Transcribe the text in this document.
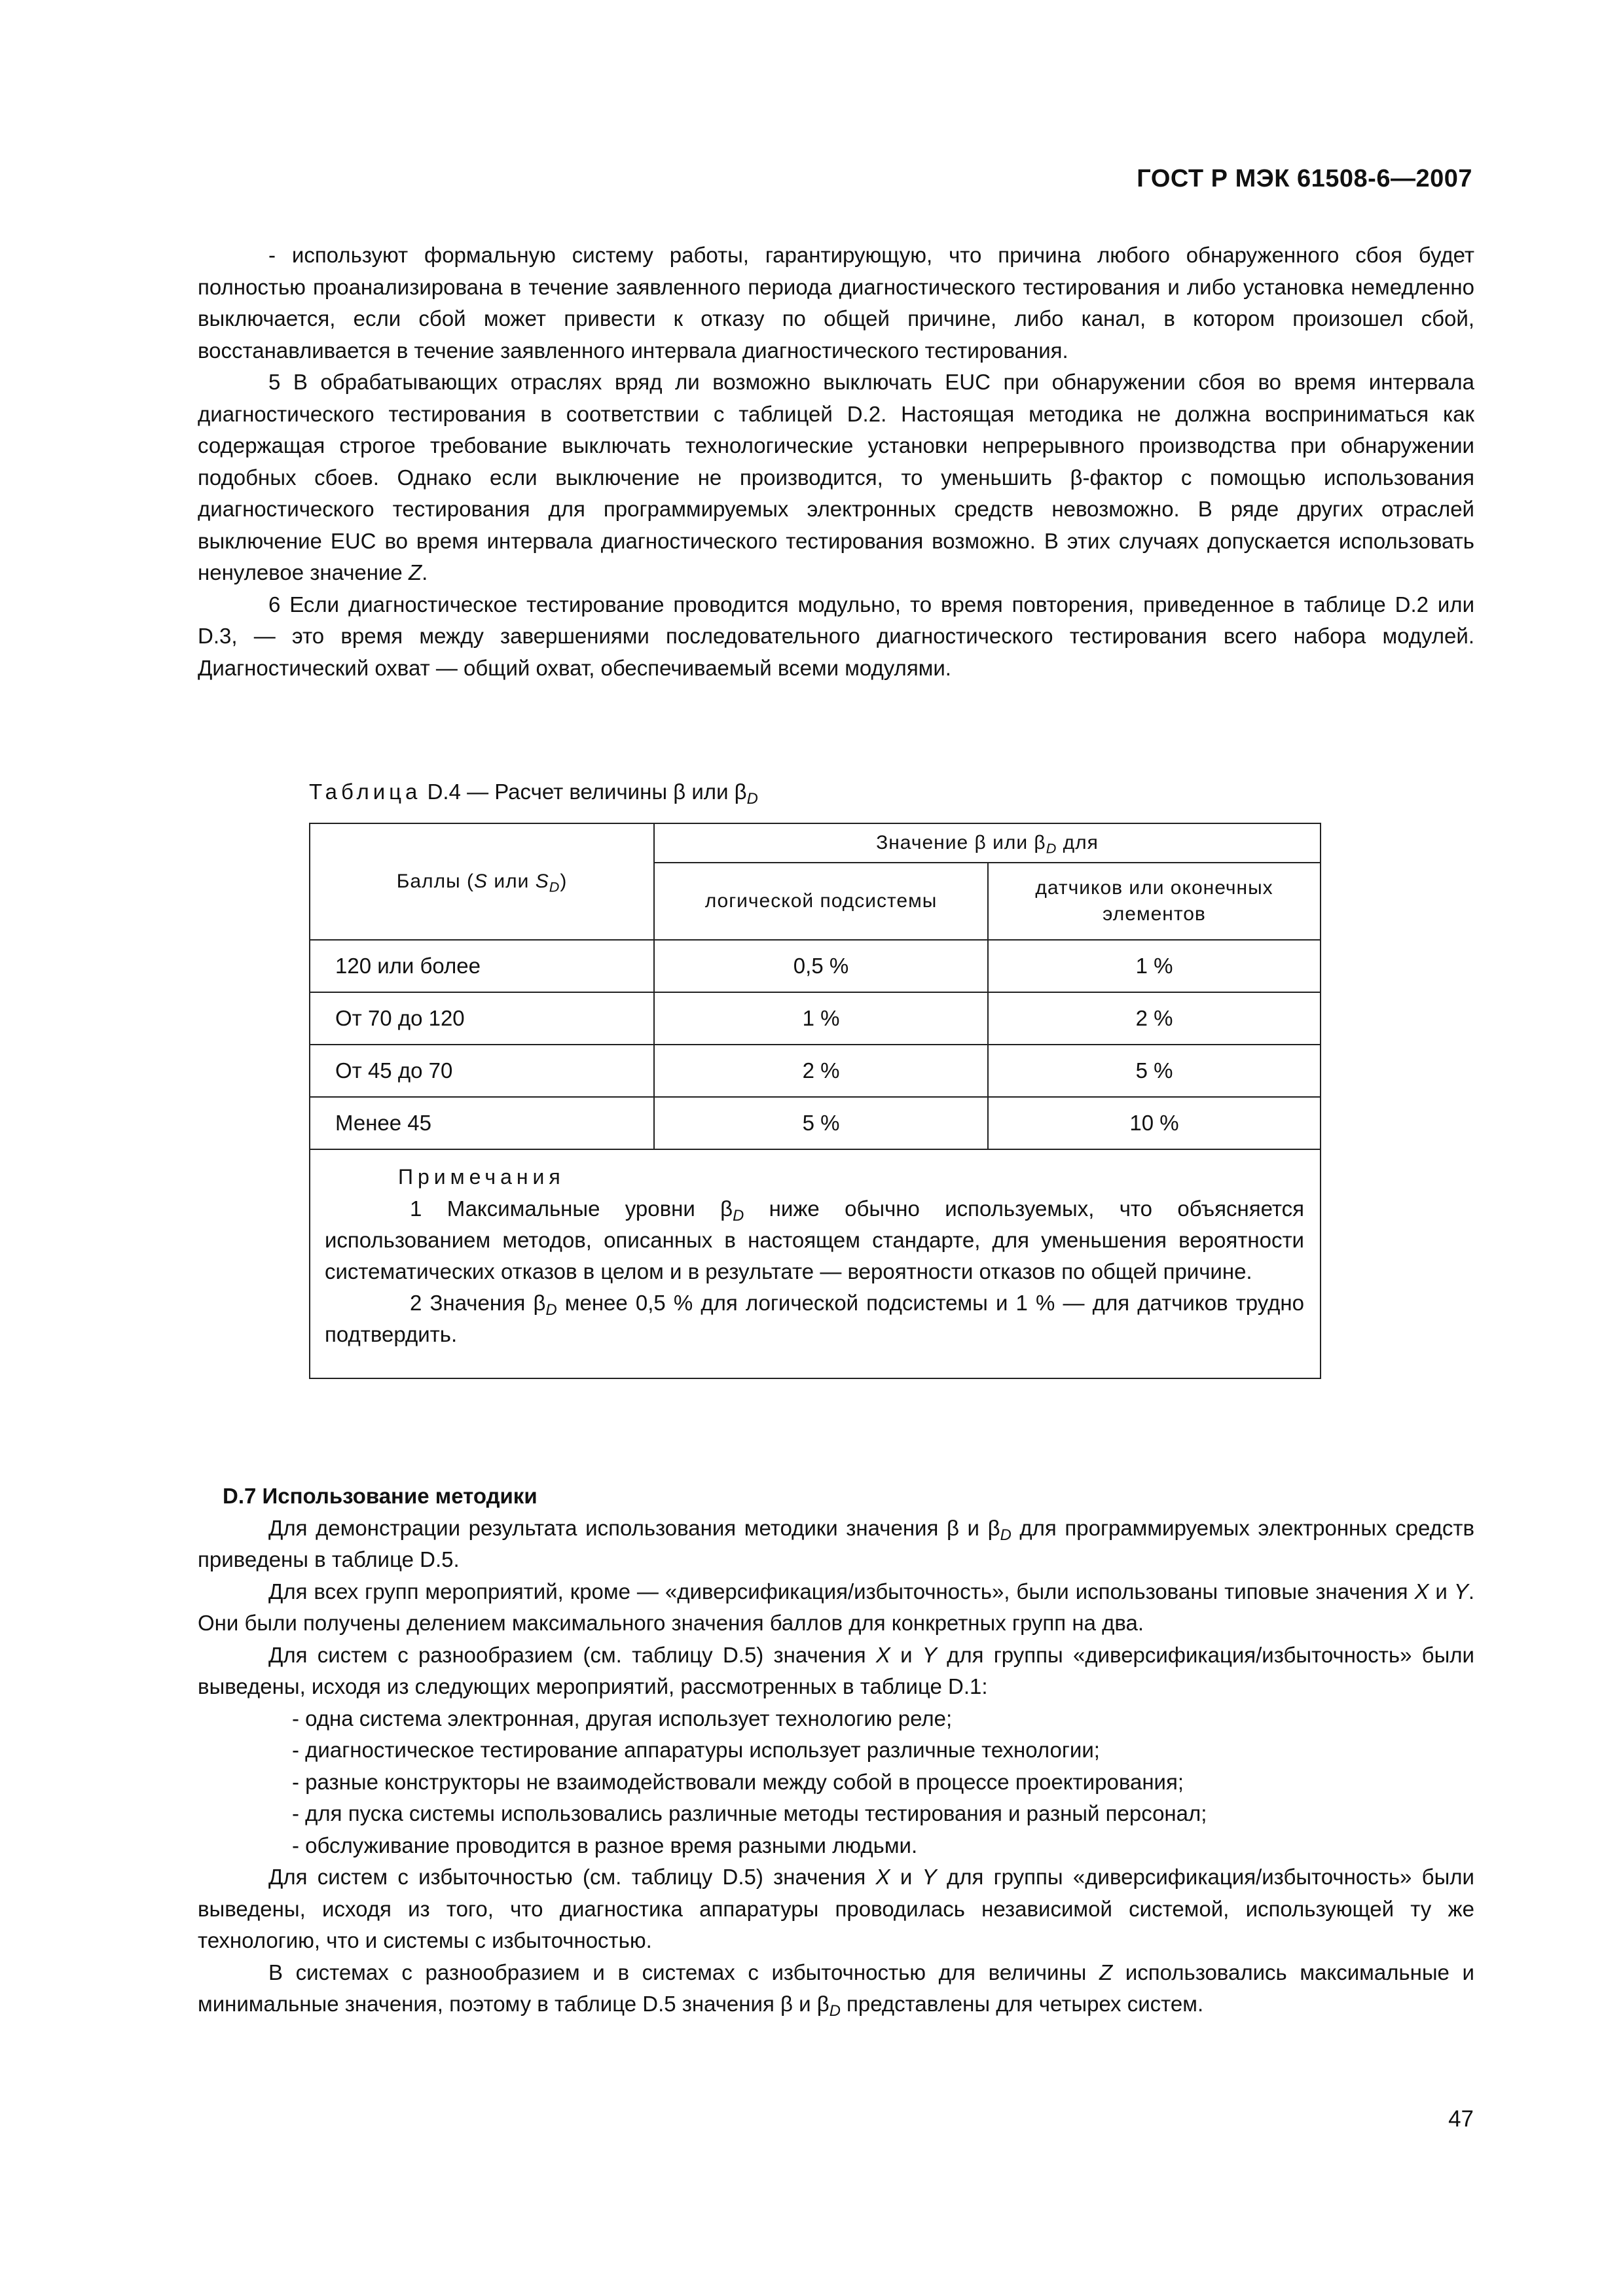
ГОСТ Р МЭК 61508-6—2007

- используют формальную систему работы, гарантирующую, что причина любого обнаруженного сбоя будет полностью проанализирована в течение заявленного периода диагностического тестирования и либо установка немедленно выключается, если сбой может привести к отказу по общей причине, либо канал, в котором произошел сбой, восстанавливается в течение заявленного интервала диагностического тестирования.

5 В обрабатывающих отраслях вряд ли возможно выключать EUC при обнаружении сбоя во время интервала диагностического тестирования в соответствии с таблицей D.2. Настоящая методика не должна восприниматься как содержащая строгое требование выключать технологические установки непрерывного производства при обнаружении подобных сбоев. Однако если выключение не производится, то уменьшить β-фактор с помощью использования диагностического тестирования для программируемых электронных средств невозможно. В ряде других отраслей выключение EUC во время интервала диагностического тестирования возможно. В этих случаях допускается использовать ненулевое значение Z.

6 Если диагностическое тестирование проводится модульно, то время повторения, приведенное в таблице D.2 или D.3, — это время между завершениями последовательного диагностического тестирования всего набора модулей. Диагностический охват — общий охват, обеспечиваемый всеми модулями.

Таблица D.4 — Расчет величины β или $\beta_D$
Баллы (S или $S_D$)	Значение β или $\beta_D$ для	
	логической подсистемы	датчиков или оконечных элементов
120 или более	0,5 %	1 %
От 70 до 120	1 %	2 %
От 45 до 70	2 %	5 %
Менее 45	5 %	10 %

Примечания

1 Максимальные уровни $\beta_D$ ниже обычно используемых, что объясняется использованием методов, описанных в настоящем стандарте, для уменьшения вероятности систематических отказов в целом и в результате — вероятности отказов по общей причине.

2 Значения $\beta_D$ менее 0,5 % для логической подсистемы и 1 % — для датчиков трудно подтвердить.		

D.7 Использование методики

Для демонстрации результата использования методики значения β и $\beta_D$ для программируемых электронных средств приведены в таблице D.5.

Для всех групп мероприятий, кроме — «диверсификация/избыточность», были использованы типовые значения X и Y. Они были получены делением максимального значения баллов для конкретных групп на два.

Для систем с разнообразием (см. таблицу D.5) значения X и Y для группы «диверсификация/избыточность» были выведены, исходя из следующих мероприятий, рассмотренных в таблице D.1:

- одна система электронная, другая использует технологию реле;

- диагностическое тестирование аппаратуры использует различные технологии;

- разные конструкторы не взаимодействовали между собой в процессе проектирования;

- для пуска системы использовались различные методы тестирования и разный персонал;

- обслуживание проводится в разное время разными людьми.

Для систем с избыточностью (см. таблицу D.5) значения X и Y для группы «диверсификация/избыточность» были выведены, исходя из того, что диагностика аппаратуры проводилась независимой системой, использующей ту же технологию, что и системы с избыточностью.

В системах с разнообразием и в системах с избыточностью для величины Z использовались максимальные и минимальные значения, поэтому в таблице D.5 значения β и $\beta_D$ представлены для четырех систем.

47
